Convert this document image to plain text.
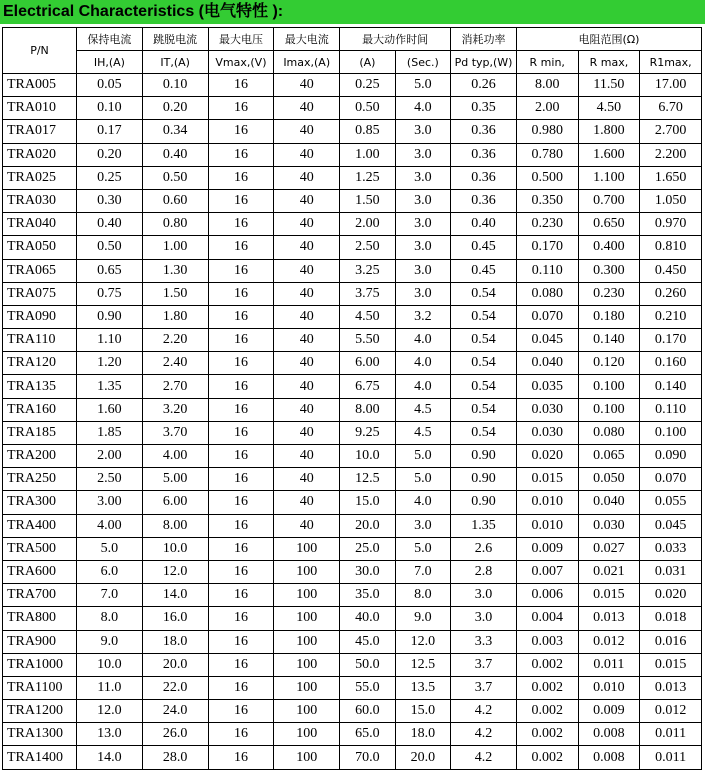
Electrical Characteristics (电气特性 ):
P/N	保持电流	跳脱电流	最大电压	最大电流	最大动作时间		消耗功率	电阻范围(Ω)		
	IH,(A)	IT,(A)	Vmax,(V)	Imax,(A)	(A)	(Sec.)	Pd typ,(W)	R min,	R max,	R1max,
TRA005	0.05	0.10	16	40	0.25	5.0	0.26	8.00	11.50	17.00
TRA010	0.10	0.20	16	40	0.50	4.0	0.35	2.00	4.50	6.70
TRA017	0.17	0.34	16	40	0.85	3.0	0.36	0.980	1.800	2.700
TRA020	0.20	0.40	16	40	1.00	3.0	0.36	0.780	1.600	2.200
TRA025	0.25	0.50	16	40	1.25	3.0	0.36	0.500	1.100	1.650
TRA030	0.30	0.60	16	40	1.50	3.0	0.36	0.350	0.700	1.050
TRA040	0.40	0.80	16	40	2.00	3.0	0.40	0.230	0.650	0.970
TRA050	0.50	1.00	16	40	2.50	3.0	0.45	0.170	0.400	0.810
TRA065	0.65	1.30	16	40	3.25	3.0	0.45	0.110	0.300	0.450
TRA075	0.75	1.50	16	40	3.75	3.0	0.54	0.080	0.230	0.260
TRA090	0.90	1.80	16	40	4.50	3.2	0.54	0.070	0.180	0.210
TRA110	1.10	2.20	16	40	5.50	4.0	0.54	0.045	0.140	0.170
TRA120	1.20	2.40	16	40	6.00	4.0	0.54	0.040	0.120	0.160
TRA135	1.35	2.70	16	40	6.75	4.0	0.54	0.035	0.100	0.140
TRA160	1.60	3.20	16	40	8.00	4.5	0.54	0.030	0.100	0.110
TRA185	1.85	3.70	16	40	9.25	4.5	0.54	0.030	0.080	0.100
TRA200	2.00	4.00	16	40	10.0	5.0	0.90	0.020	0.065	0.090
TRA250	2.50	5.00	16	40	12.5	5.0	0.90	0.015	0.050	0.070
TRA300	3.00	6.00	16	40	15.0	4.0	0.90	0.010	0.040	0.055
TRA400	4.00	8.00	16	40	20.0	3.0	1.35	0.010	0.030	0.045
TRA500	5.0	10.0	16	100	25.0	5.0	2.6	0.009	0.027	0.033
TRA600	6.0	12.0	16	100	30.0	7.0	2.8	0.007	0.021	0.031
TRA700	7.0	14.0	16	100	35.0	8.0	3.0	0.006	0.015	0.020
TRA800	8.0	16.0	16	100	40.0	9.0	3.0	0.004	0.013	0.018
TRA900	9.0	18.0	16	100	45.0	12.0	3.3	0.003	0.012	0.016
TRA1000	10.0	20.0	16	100	50.0	12.5	3.7	0.002	0.011	0.015
TRA1100	11.0	22.0	16	100	55.0	13.5	3.7	0.002	0.010	0.013
TRA1200	12.0	24.0	16	100	60.0	15.0	4.2	0.002	0.009	0.012
TRA1300	13.0	26.0	16	100	65.0	18.0	4.2	0.002	0.008	0.011
TRA1400	14.0	28.0	16	100	70.0	20.0	4.2	0.002	0.008	0.011
